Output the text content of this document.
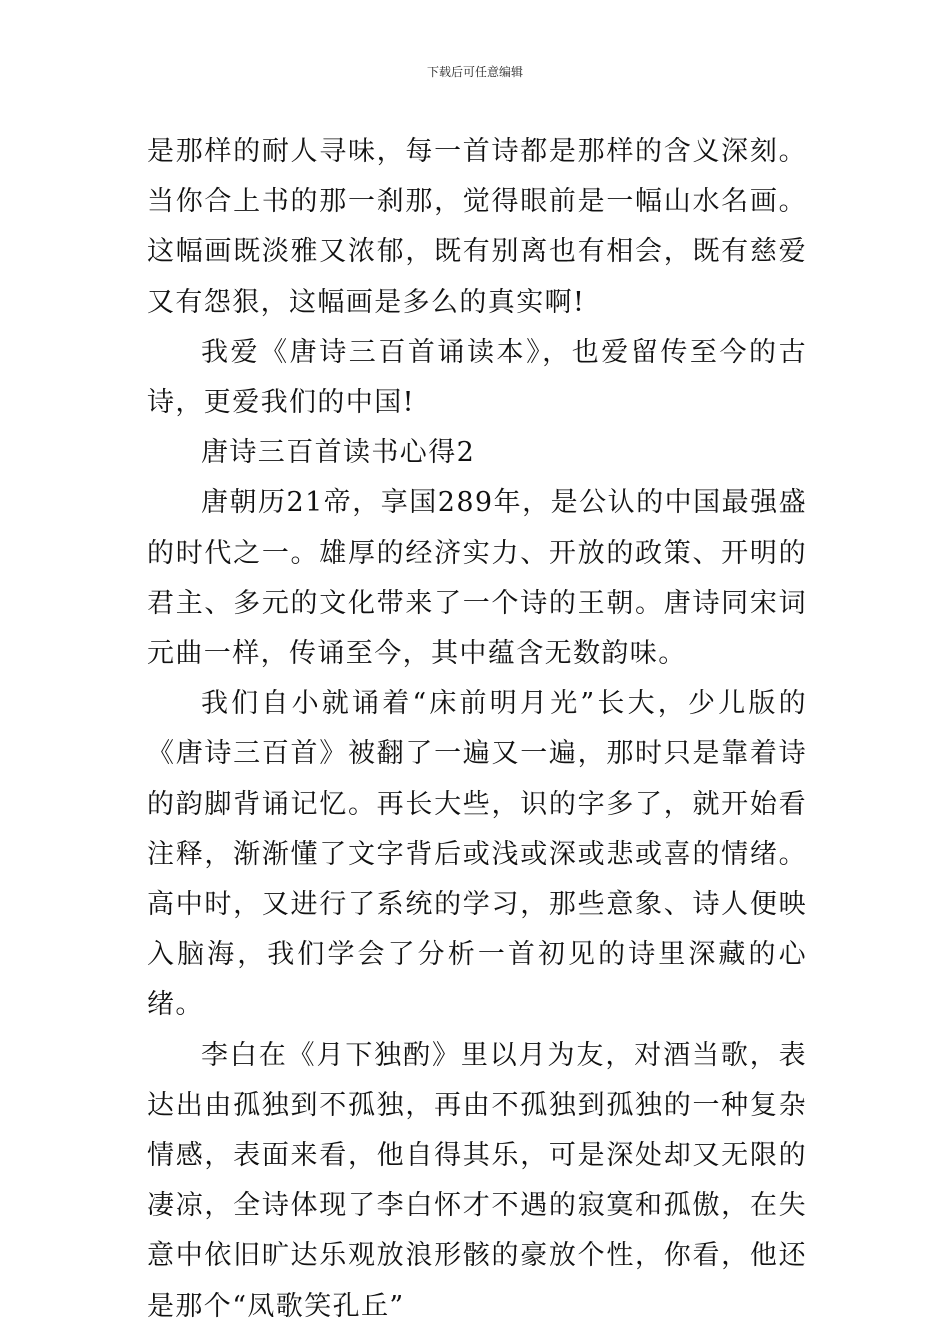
下载后可任意编辑

是那样的耐人寻味，每一首诗都是那样的含义深刻。当你合上书的那一刹那，觉得眼前是一幅山水名画。这幅画既淡雅又浓郁，既有别离也有相会，既有慈爱又有怨狠，这幅画是多么的真实啊!

我爱《唐诗三百首诵读本》，也爱留传至今的古诗，更爱我们的中国!

唐诗三百首读书心得2

唐朝历21帝，享国289年，是公认的中国最强盛的时代之一。雄厚的经济实力、开放的政策、开明的君主、多元的文化带来了一个诗的王朝。唐诗同宋词元曲一样，传诵至今，其中蕴含无数韵味。

我们自小就诵着“床前明月光”长大，少儿版的《唐诗三百首》被翻了一遍又一遍，那时只是靠着诗的韵脚背诵记忆。再长大些，识的字多了，就开始看注释，渐渐懂了文字背后或浅或深或悲或喜的情绪。高中时，又进行了系统的学习，那些意象、诗人便映入脑海，我们学会了分析一首初见的诗里深藏的心绪。

李白在《月下独酌》里以月为友，对酒当歌，表达出由孤独到不孤独，再由不孤独到孤独的一种复杂情感，表面来看，他自得其乐，可是深处却又无限的凄凉，全诗体现了李白怀才不遇的寂寞和孤傲，在失意中依旧旷达乐观放浪形骸的豪放个性，你看，他还是那个“凤歌笑孔丘”
